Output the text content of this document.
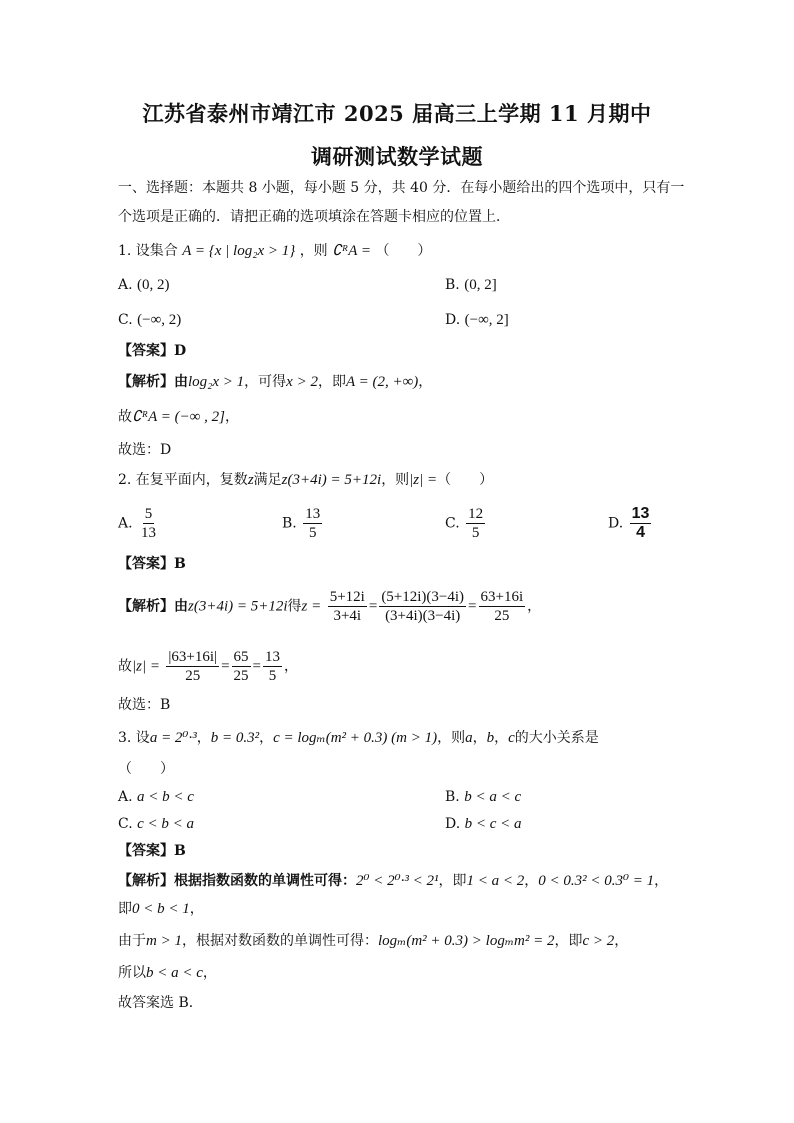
江苏省泰州市靖江市 2025 届高三上学期 11 月期中
调研测试数学试题
一、选择题：本题共 8 小题，每小题 5 分，共 40 分．在每小题给出的四个选项中，只有一
个选项是正确的．请把正确的选项填涂在答题卡相应的位置上．
1. 设集合 A = {x | log₂x > 1} ，则 ∁ᴿA = （　　）
A. (0, 2)	B. (0, 2]
C. (−∞, 2)	D. (−∞, 2]
【答案】D
【解析】由log₂x > 1，可得x > 2，即A = (2, +∞)，
故∁ᴿA = (−∞ , 2]，
故选：D
2. 在复平面内，复数z满足z(3+4i) = 5+12i，则|z| =（　　）
A. $\frac{5}{13}$	B. $\frac{13}{5}$	C. $\frac{12}{5}$	D. $\frac{13}{4}$
【答案】B
【解析】由z(3+4i) = 5+12i得$z = \frac{5+12i}{3+4i} = \frac{(5+12i)(3-4i)}{(3+4i)(3-4i)} = \frac{63+16i}{25}$ ，
故$|z| = \frac{|63+16i|}{25} = \frac{65}{25} = \frac{13}{5}$ ，
故选：B
3. 设a = 2⁰·³，b = 0.3²，c = logₘ(m² + 0.3) (m > 1)，则a，b，c的大小关系是
（　　）
A. a < b < c	B. b < a < c
C. c < b < a	D. b < c < a
【答案】B
【解析】根据指数函数的单调性可得：2⁰ < 2⁰·³ < 2¹，即1 < a < 2，0 < 0.3² < 0.3⁰ = 1，
即0 < b < 1，
由于m > 1，根据对数函数的单调性可得：logₘ(m² + 0.3) > logₘm² = 2，即c > 2，
所以b < a < c，
故答案选 B．
